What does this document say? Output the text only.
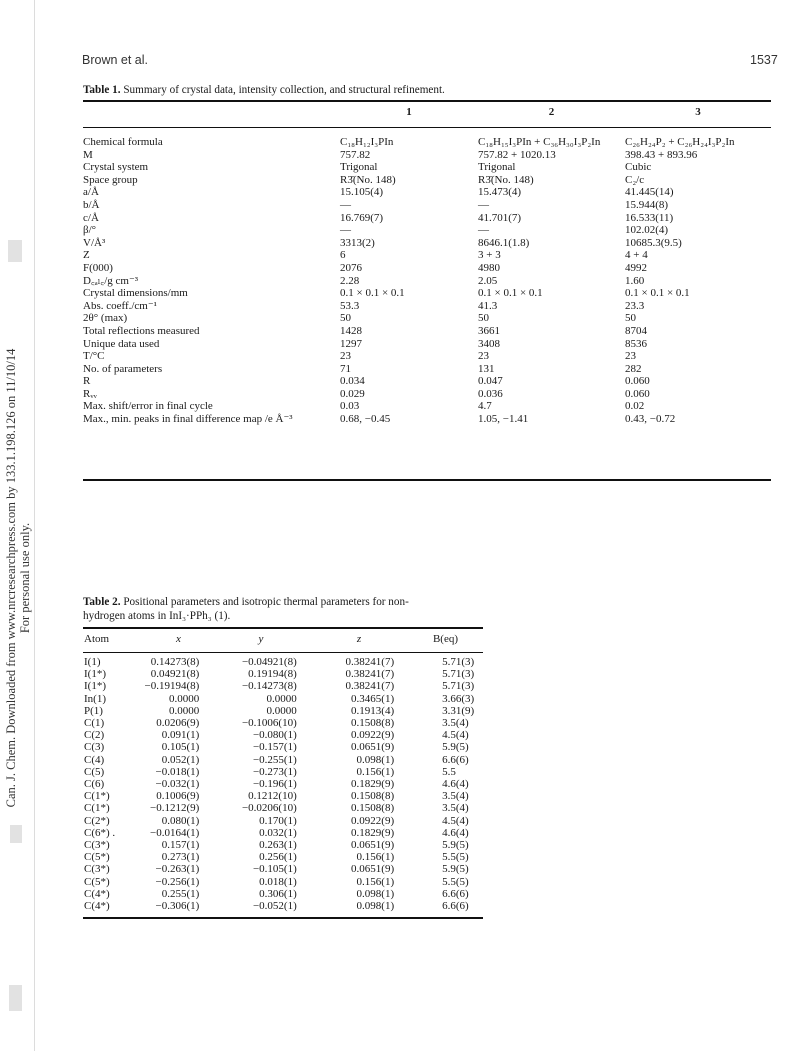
Can. J. Chem. Downloaded from www.nrcresearchpress.com by 133.1.198.126 on 11/10/14 For personal use only.
Brown et al.	1537
Table 1. Summary of crystal data, intensity collection, and structural refinement.
	1	2	3
Chemical formula	C₁₈H₁₂I₃PIn	C₁₈H₁₅I₃PIn + C₃₆H₃₀I₃P₂In	C₂₆H₂₄P₂ + C₂₆H₂₄I₃P₂In
M	757.82	757.82 + 1020.13	398.43 + 893.96
Crystal system	Trigonal	Trigonal	Cubic
Space group	R3̄(No. 148)	R3̄(No. 148)	C₂/c
a/Å	15.105(4)	15.473(4)	41.445(14)
b/Å	—	—	15.944(8)
c/Å	16.769(7)	41.701(7)	16.533(11)
β/°	—	—	102.02(4)
V/Å³	3313(2)	8646.1(1.8)	10685.3(9.5)
Z	6	3 + 3	4 + 4
F(000)	2076	4980	4992
D꜀ₐₗ꜀/g cm⁻³	2.28	2.05	1.60
Crystal dimensions/mm	0.1 × 0.1 × 0.1	0.1 × 0.1 × 0.1	0.1 × 0.1 × 0.1
Abs. coeff./cm⁻¹	53.3	41.3	23.3
2θ° (max)	50	50	50
Total reflections measured	1428	3661	8704
Unique data used	1297	3408	8536
T/°C	23	23	23
No. of parameters	71	131	282
R	0.034	0.047	0.060
Rᵥᵥ	0.029	0.036	0.060
Max. shift/error in final cycle	0.03	4.7	0.02
Max., min. peaks in final difference map /e Å⁻³	0.68, −0.45	1.05, −1.41	0.43, −0.72
Table 2. Positional parameters and isotropic thermal parameters for non-
hydrogen atoms in InI₃·PPh₃ (1).
Atom	x	y	z	B(eq)
I(1)	0.14273(8)	−0.04921(8)	0.38241(7)	5.71(3)
I(1*)	0.04921(8)	0.19194(8)	0.38241(7)	5.71(3)
I(1*)	−0.19194(8)	−0.14273(8)	0.38241(7)	5.71(3)
In(1)	0.0000	0.0000	0.3465(1)	3.66(3)
P(1)	0.0000	0.0000	0.1913(4)	3.31(9)
C(1)	0.0206(9)	−0.1006(10)	0.1508(8)	3.5(4)
C(2)	0.091(1)	−0.080(1)	0.0922(9)	4.5(4)
C(3)	0.105(1)	−0.157(1)	0.0651(9)	5.9(5)
C(4)	0.052(1)	−0.255(1)	0.098(1)	6.6(6)
C(5)	−0.018(1)	−0.273(1)	0.156(1)	5.5
C(6)	−0.032(1)	−0.196(1)	0.1829(9)	4.6(4)
C(1*)	0.1006(9)	0.1212(10)	0.1508(8)	3.5(4)
C(1*)	−0.1212(9)	−0.0206(10)	0.1508(8)	3.5(4)
C(2*)	0.080(1)	0.170(1)	0.0922(9)	4.5(4)
C(6*) .	−0.0164(1)	0.032(1)	0.1829(9)	4.6(4)
C(3*)	0.157(1)	0.263(1)	0.0651(9)	5.9(5)
C(5*)	0.273(1)	0.256(1)	0.156(1)	5.5(5)
C(3*)	−0.263(1)	−0.105(1)	0.0651(9)	5.9(5)
C(5*)	−0.256(1)	0.018(1)	0.156(1)	5.5(5)
C(4*)	0.255(1)	0.306(1)	0.098(1)	6.6(6)
C(4*)	−0.306(1)	−0.052(1)	0.098(1)	6.6(6)
